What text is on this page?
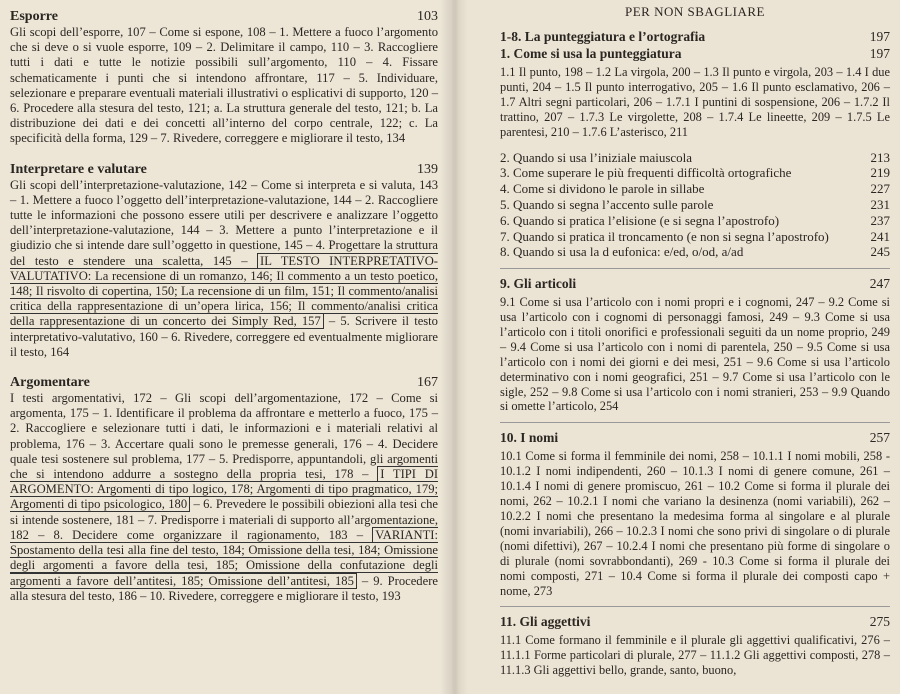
Esporre	103
Gli scopi dell’esporre, 107 – Come si espone, 108 – 1. Mettere a fuoco l’argomento che si deve o si vuole esporre, 109 – 2. Delimitare il campo, 110 – 3. Raccogliere tutti i dati e tutte le notizie possibili sull’argomento, 110 – 4. Fissare schematicamente i punti che si intendono affrontare, 117 – 5. Individuare, selezionare e preparare eventuali materiali illustrativi o esplicativi di supporto, 120 – 6. Procedere alla stesura del testo, 121; a. La struttura generale del testo, 121; b. La distribuzione dei dati e dei concetti all’interno del corpo centrale, 122; c. La specificità della forma, 129 – 7. Rivedere, correggere e migliorare il testo, 134
Interpretare e valutare	139
Gli scopi dell’interpretazione-valutazione, 142 – Come si interpreta e si valuta, 143 – 1. Mettere a fuoco l’oggetto dell’interpretazione-valutazione, 144 – 2. Raccogliere tutte le informazioni che possono essere utili per descrivere e analizzare l’oggetto dell’interpretazione-valutazione, 144 – 3. Mettere a punto l’interpretazione e il giudizio che si intende dare sull’oggetto in questione, 145 – 4. Progettare la struttura del testo e stendere una scaletta, 145 – IL TESTO INTERPRETATIVO-VALUTATIVO: La recensione di un romanzo, 146; Il commento a un testo poetico, 148; Il risvolto di copertina, 150; La recensione di un film, 151; Il commento/analisi critica della rappresentazione di un’opera lirica, 156; Il commento/analisi critica della rappresentazione di un concerto dei Simply Red, 157 – 5. Scrivere il testo interpretativo-valutativo, 160 – 6. Rivedere, correggere ed eventualmente migliorare il testo, 164
Argomentare	167
I testi argomentativi, 172 – Gli scopi dell’argomentazione, 172 – Come si argomenta, 175 – 1. Identificare il problema da affrontare e metterlo a fuoco, 175 – 2. Raccogliere e selezionare tutti i dati, le informazioni e i materiali relativi al problema, 176 – 3. Accertare quali sono le premesse generali, 176 – 4. Decidere quale tesi sostenere sul problema, 177 – 5. Predisporre, appuntandoli, gli argomenti che si intendono addurre a sostegno della propria tesi, 178 – I TIPI DI ARGOMENTO: Argomenti di tipo logico, 178; Argomenti di tipo pragmatico, 179; Argomenti di tipo psicologico, 180 – 6. Prevedere le possibili obiezioni alla tesi che si intende sostenere, 181 – 7. Predisporre i materiali di supporto all’argomentazione, 182 – 8. Decidere come organizzare il ragionamento, 183 – VARIANTI: Spostamento della tesi alla fine del testo, 184; Omissione della tesi, 184; Omissione degli argomenti a favore della tesi, 185; Omissione della confutazione degli argomenti a favore dell’antitesi, 185; Omissione dell’antitesi, 185 – 9. Procedere alla stesura del testo, 186 – 10. Rivedere, correggere e migliorare il testo, 193
PER NON SBAGLIARE
1-8. La punteggiatura e l’ortografia	197
1. Come si usa la punteggiatura	197
1.1 Il punto, 198 – 1.2 La virgola, 200 – 1.3 Il punto e virgola, 203 – 1.4 I due punti, 204 – 1.5 Il punto interrogativo, 205 – 1.6 Il punto esclamativo, 206 – 1.7 Altri segni particolari, 206 – 1.7.1 I puntini di sospensione, 206 – 1.7.2 Il trattino, 207 – 1.7.3 Le virgolette, 208 – 1.7.4 Le lineette, 209 – 1.7.5 Le parentesi, 210 – 1.7.6 L’asterisco, 211
2. Quando si usa l’iniziale maiuscola	213
3. Come superare le più frequenti difficoltà ortografiche	219
4. Come si dividono le parole in sillabe	227
5. Quando si segna l’accento sulle parole	231
6. Quando si pratica l’elisione (e si segna l’apostrofo)	237
7. Quando si pratica il troncamento (e non si segna l’apostrofo)	241
8. Quando si usa la d eufonica: e/ed, o/od, a/ad	245
9. Gli articoli	247
9.1 Come si usa l’articolo con i nomi propri e i cognomi, 247 – 9.2 Come si usa l’articolo con i cognomi di personaggi famosi, 249 – 9.3 Come si usa l’articolo con i titoli onorifici e professionali seguiti da un nome proprio, 249 – 9.4 Come si usa l’articolo con i nomi di parentela, 250 – 9.5 Come si usa l’articolo con i nomi dei giorni e dei mesi, 251 – 9.6 Come si usa l’articolo determinativo con i nomi geografici, 251 – 9.7 Come si usa l’articolo con le sigle, 252 – 9.8 Come si usa l’articolo con i nomi stranieri, 253 – 9.9 Quando si omette l’articolo, 254
10. I nomi	257
10.1 Come si forma il femminile dei nomi, 258 – 10.1.1 I nomi mobili, 258 - 10.1.2 I nomi indipendenti, 260 – 10.1.3 I nomi di genere comune, 261 – 10.1.4 I nomi di genere promiscuo, 261 – 10.2 Come si forma il plurale dei nomi, 262 – 10.2.1 I nomi che variano la desinenza (nomi variabili), 262 – 10.2.2 I nomi che presentano la medesima forma al singolare e al plurale (nomi invariabili), 266 – 10.2.3 I nomi che sono privi di singolare o di plurale (nomi difettivi), 267 – 10.2.4 I nomi che presentano più forme di singolare o di plurale (nomi sovrabbondanti), 269 - 10.3 Come si forma il plurale dei nomi composti, 271 – 10.4 Come si forma il plurale dei composti capo + nome, 273
11. Gli aggettivi	275
11.1 Come formano il femminile e il plurale gli aggettivi qualificativi, 276 – 11.1.1 Forme particolari di plurale, 277 – 11.1.2 Gli aggettivi composti, 278 – 11.1.3 Gli aggettivi bello, grande, santo, buono,
